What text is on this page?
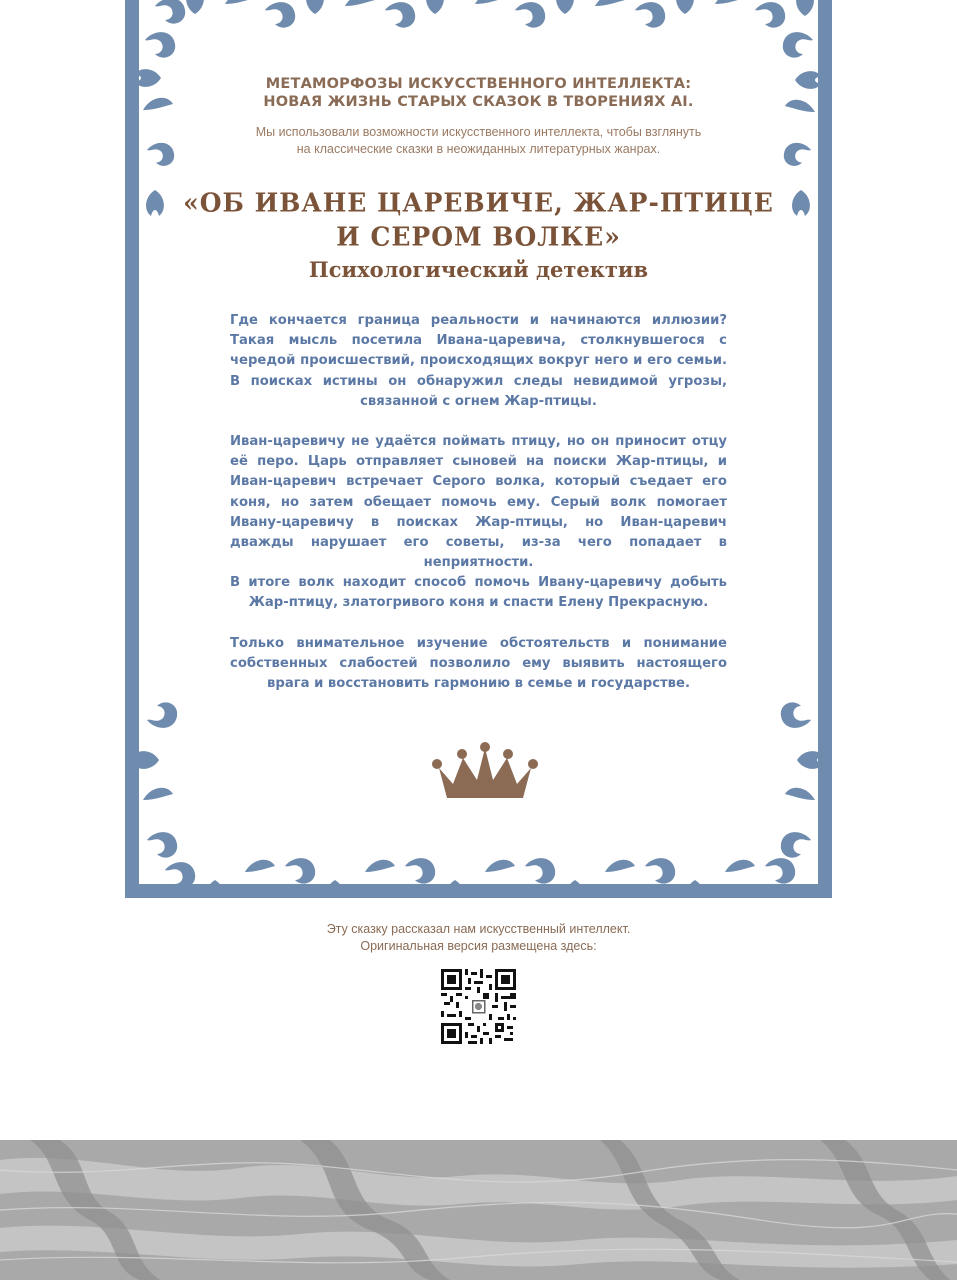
МЕТАМОРФОЗЫ ИСКУССТВЕННОГО ИНТЕЛЛЕКТА:
НОВАЯ ЖИЗНЬ СТАРЫХ СКАЗОК В ТВОРЕНИЯХ AI.
Мы использовали возможности искусственного интеллекта, чтобы взглянуть
на классические сказки в неожиданных литературных жанрах.
«ОБ ИВАНЕ ЦАРЕВИЧЕ, ЖАР-ПТИЦЕ
И СЕРОМ ВОЛКЕ»
Психологический детектив
Где кончается граница реальности и начинаются иллюзии? Такая мысль посетила Ивана-царевича, столкнувшегося с чередой происшествий, происходящих вокруг него и его семьи. В поисках истины он обнаружил следы невидимой угрозы, связанной с огнем Жар-птицы.
Иван-царевичу не удаётся поймать птицу, но он приносит отцу её перо. Царь отправляет сыновей на поиски Жар-птицы, и Иван-царевич встречает Серого волка, который съедает его коня, но затем обещает помочь ему. Серый волк помогает Ивану-царевичу в поисках Жар-птицы, но Иван-царевич дважды нарушает его советы, из-за чего попадает в неприятности.
В итоге волк находит способ помочь Ивану-царевичу добыть Жар-птицу, златогривого коня и спасти Елену Прекрасную.
Только внимательное изучение обстоятельств и понимание собственных слабостей позволило ему выявить настоящего врага и восстановить гармонию в семье и государстве.
Эту сказку рассказал нам искусственный интеллект.
Оригинальная версия размещена здесь:
